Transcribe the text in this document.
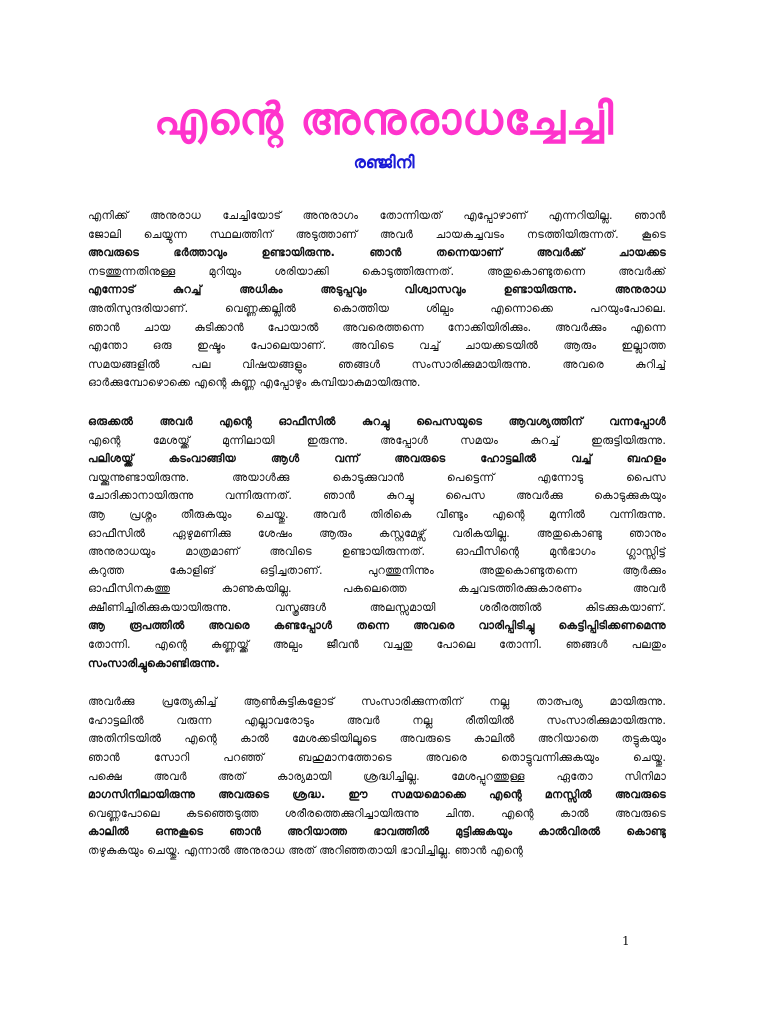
എന്റെ അനുരാധച്ചേച്ചി
രഞ്ജിനി
എനിക്ക് അനുരാധ ചേച്ചിയോട് അനുരാഗം തോന്നിയത് എപ്പോഴാണ് എന്നറിയില്ല. ഞാൻ
ജോലി ചെയ്യുന്ന സ്ഥലത്തിന് അടുത്താണ് അവർ ചായകച്ചവടം നടത്തിയിരുന്നത്. കൂടെ
അവരുടെ ഭർത്താവും ഉണ്ടായിരുന്നു. ഞാൻ തന്നെയാണ് അവർക്ക് ചായക്കട
നടത്തുന്നതിനുള്ള മുറിയും ശരിയാക്കി കൊടുത്തിരുന്നത്. അതുകൊണ്ടുതന്നെ അവർക്ക്
എന്നോട് കുറച്ച് അധികം അടുപ്പവും വിശ്വാസവും ഉണ്ടായിരുന്നു. അനുരാധ
അതിസുന്ദരിയാണ്. വെണ്ണക്കല്ലിൽ കൊത്തിയ ശില്പം എന്നൊക്കെ പറയുംപോലെ.
ഞാൻ ചായ കുടിക്കാൻ പോയാൽ അവരെത്തന്നെ നോക്കിയിരിക്കും. അവർക്കും എന്നെ
എന്തോ ഒരു ഇഷ്ടം പോലെയാണ്. അവിടെ വച്ച് ചായക്കടയിൽ ആരും ഇല്ലാത്ത
സമയങ്ങളിൽ പല വിഷയങ്ങളും ഞങ്ങൾ സംസാരിക്കുമായിരുന്നു. അവരെ കുറിച്ച്
ഓർക്കുമ്പോഴൊക്കെ എന്റെ കുണ്ണ എപ്പോഴും കമ്പിയാകുമായിരുന്നു.
ഒരുക്കൽ അവർ എന്റെ ഓഫീസിൽ കുറച്ചു പൈസയുടെ ആവശ്യത്തിന് വന്നപ്പോൾ
എന്റെ മേശയ്ക്ക് മുന്നിലായി ഇരുന്നു. അപ്പോൾ സമയം കുറച്ച് ഇരുട്ടിയിരുന്നു.
പലിശയ്ക്ക് കടംവാങ്ങിയ ആൾ വന്ന് അവരുടെ ഹോട്ടലിൽ വച്ച് ബഹളം
വയ്ക്കുന്നുണ്ടായിരുന്നു. അയാൾക്കു കൊടുക്കുവാൻ പെട്ടെന്ന് എന്നോടു പൈസ
ചോദിക്കാനായിരുന്നു വന്നിരുന്നത്. ഞാൻ കുറച്ചു പൈസ അവർക്കു കൊടുക്കുകയും
ആ പ്രശ്നം തീരുകയും ചെയ്തു. അവർ തിരികെ വീണ്ടും എന്റെ മുന്നിൽ വന്നിരുന്നു.
ഓഫീസിൽ ഏഴുമണിക്കു ശേഷം ആരും കസ്റ്റമേഴ്സ് വരികയില്ല. അതുകൊണ്ടു ഞാനും
അനുരാധയും മാത്രമാണ് അവിടെ ഉണ്ടായിരുന്നത്. ഓഫീസിന്റെ മുൻഭാഗം ഗ്ലാസ്സിട്ട്
കറുത്ത കോളിങ് ഒട്ടിച്ചതാണ്. പുറത്തുനിന്നും അതുകൊണ്ടുതന്നെ ആർക്കും
ഓഫീസിനകത്തു കാണുകയില്ല. പകലെത്തെ കച്ചവടത്തിരക്കുകാരണം അവർ
ക്ഷീണിച്ചിരിക്കുകയായിരുന്നു. വസ്ത്രങ്ങൾ അലസ്സമായി ശരീരത്തിൽ കിടക്കുകയാണ്.
ആ രൂപത്തിൽ അവരെ കണ്ടപ്പോൾ തന്നെ അവരെ വാരിപ്പിടിച്ചു കെട്ടിപ്പിടിക്കണമെന്നു
തോന്നി. എന്റെ കുണ്ണയ്ക്ക് അല്പം ജീവൻ വച്ചതു പോലെ തോന്നി. ഞങ്ങൾ പലതും
സംസാരിച്ചുകൊണ്ടിരുന്നു.
അവർക്കു പ്രത്യേകിച്ച് ആൺകുട്ടികളോട് സംസാരിക്കുന്നതിന് നല്ല താത്പര്യ മായിരുന്നു.
ഹോട്ടലിൽ വരുന്ന എല്ലാവരോടും അവർ നല്ല രീതിയിൽ സംസാരിക്കുമായിരുന്നു.
അതിനിടയിൽ എന്റെ കാൽ മേശക്കടിയിലൂടെ അവരുടെ കാലിൽ അറിയാതെ തട്ടുകയും
ഞാൻ സോറി പറഞ്ഞ് ബഹുമാനത്തോടെ അവരെ തൊട്ടുവന്നിക്കുകയും ചെയ്തു.
പക്ഷെ അവർ അത് കാര്യമായി ശ്രദ്ധിച്ചില്ല. മേശപ്പുറത്തുള്ള ഏതോ സിനിമാ
മാഗസിനിലായിരുന്നു അവരുടെ ശ്രദ്ധ. ഈ സമയമൊക്കെ എന്റെ മനസ്സിൽ അവരുടെ
വെണ്ണപോലെ കടഞ്ഞെടുത്ത ശരീരത്തെക്കുറിച്ചായിരുന്നു ചിന്ത. എന്റെ കാൽ അവരുടെ
കാലിൽ ഒന്നുകൂടെ ഞാൻ അറിയാത്ത ഭാവത്തിൽ മുട്ടിക്കുകയും കാൽവിരൽ കൊണ്ടു
തഴുകുകയും ചെയ്തു. എന്നാൽ അനുരാധ അത് അറിഞ്ഞതായി ഭാവിച്ചില്ല. ഞാൻ എന്റെ
1
